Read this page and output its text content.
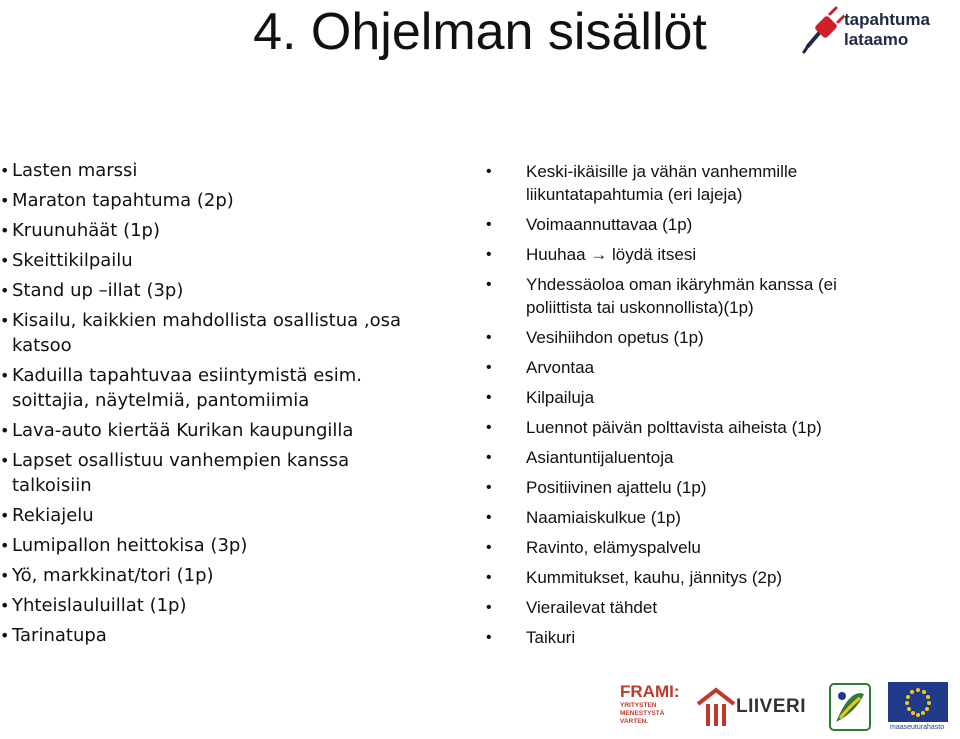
4. Ohjelman sisällöt	tapahtuma
lataamo
• Lasten marssi
• Maraton tapahtuma (2p)
• Kruunuhäät (1p)
• Skeittikilpailu
• Stand up –illat (3p)
• Kisailu, kaikkien mahdollista osallistua ,osa katsoo
• Kaduilla tapahtuvaa esiintymistä esim. soittajia, näytelmiä, pantomiimia
• Lava-auto kiertää Kurikan kaupungilla
• Lapset osallistuu vanhempien kanssa talkoisiin
• Rekiajelu
• Lumipallon heittokisa (3p)
• Yö, markkinat/tori (1p)
• Yhteislauluillat (1p)
• Tarinatupa
• Keski-ikäisille ja vähän vanhemmille liikuntatapahtumia (eri lajeja)
• Voimaannuttavaa (1p)
• Huuhaa → löydä itsesi
• Yhdessäoloa oman ikäryhmän kanssa (ei poliittista tai uskonnollista)(1p)
• Vesihiihdon opetus (1p)
• Arvontaa
• Kilpailuja
• Luennot päivän polttavista aiheista (1p)
• Asiantuntijaluentoja
• Positiivinen ajattelu (1p)
• Naamiaiskulkue (1p)
• Ravinto, elämyspalvelu
• Kummitukset, kauhu, jännitys (2p)
• Vierailevat tähdet
• Taikuri
FRAMI:
YRITYSTEN
MENESTYSTÄ
VARTEN.
LIIVERI
maaseuturahasto
